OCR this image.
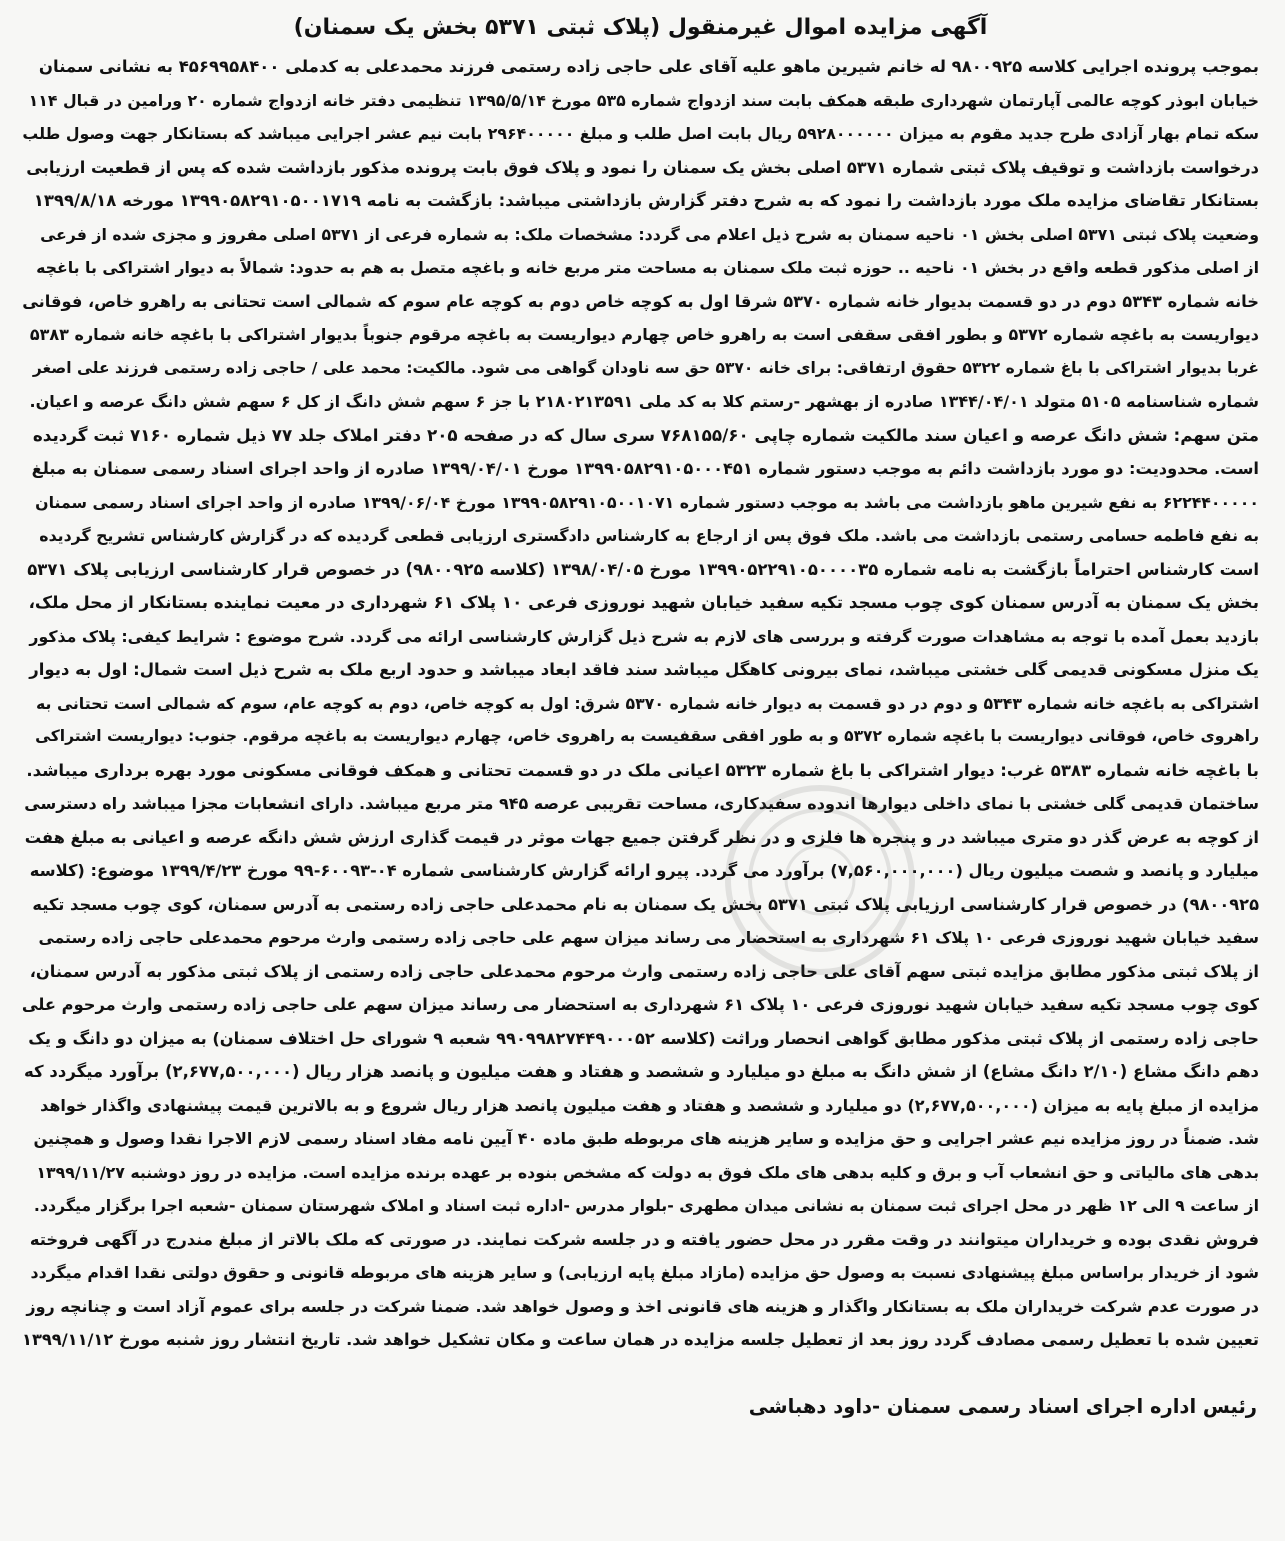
آگهی مزایده اموال غیرمنقول (پلاک ثبتی ۵۳۷۱ بخش یک سمنان)
بموجب پرونده اجرایی کلاسه ۹۸۰۰۹۲۵ له خانم شیرین ماهو علیه آقای علی حاجی زاده رستمی فرزند محمدعلی به کدملی ۴۵۶۹۹۵۸۴۰۰ به نشانی سمنان
خیابان ابوذر کوچه عالمی آپارتمان شهرداری طبقه همکف بابت سند ازدواج شماره ۵۳۵ مورخ ۱۳۹۵/۵/۱۴ تنظیمی دفتر خانه ازدواج شماره ۲۰ ورامین در قبال ۱۱۴
سکه تمام بهار آزادی طرح جدید مقوم به میزان ۵۹۲۸۰۰۰۰۰۰ ریال بابت اصل طلب و مبلغ ۲۹۶۴۰۰۰۰۰ بابت نیم عشر اجرایی میباشد که بستانکار جهت وصول طلب
درخواست بازداشت و توقیف پلاک ثبتی شماره ۵۳۷۱ اصلی بخش یک سمنان را نمود و پلاک فوق بابت پرونده مذکور بازداشت شده که پس از قطعیت ارزیابی
بستانکار تقاضای مزایده ملک مورد بازداشت را نمود که به شرح دفتر گزارش بازداشتی میباشد: بازگشت به نامه ۱۳۹۹۰۵۸۲۹۱۰۵۰۰۱۷۱۹ مورخه ۱۳۹۹/۸/۱۸
وضعیت پلاک ثبتی ۵۳۷۱ اصلی بخش ۰۱ ناحیه سمنان به شرح ذیل اعلام می گردد: مشخصات ملک: به شماره فرعی از ۵۳۷۱ اصلی مفروز و مجزی شده از فرعی
از اصلی مذکور قطعه واقع در بخش ۰۱ ناحیه .. حوزه ثبت ملک سمنان به مساحت متر مربع خانه و باغچه متصل به هم به حدود: شمالاً به دیوار اشتراکی با باغچه
خانه شماره ۵۳۴۳ دوم در دو قسمت بدیوار خانه شماره ۵۳۷۰ شرقا اول به کوچه خاص دوم به کوچه عام سوم که شمالی است تحتانی به راهرو خاص، فوقانی
دیواریست به باغچه شماره ۵۳۷۲ و بطور افقی سقفی است به راهرو خاص چهارم دیواریست به باغچه مرقوم جنوباً بدیوار اشتراکی با باغچه خانه شماره ۵۳۸۳
غربا بدیوار اشتراکی با باغ شماره ۵۳۲۲ حقوق ارتفاقی: برای خانه ۵۳۷۰ حق سه ناودان گواهی می شود. مالکیت: محمد علی / حاجی زاده رستمی فرزند علی اصغر
شماره شناسنامه ۵۱۰۵ متولد ۱۳۴۴/۰۴/۰۱ صادره از بهشهر -رستم کلا به کد ملی ۲۱۸۰۲۱۳۵۹۱ با جز ۶ سهم شش دانگ از کل ۶ سهم شش دانگ عرصه و اعیان.
متن سهم: شش دانگ عرصه و اعیان سند مالکیت شماره چاپی ۷۶۸۱۵۵/۶۰ سری سال که در صفحه ۲۰۵ دفتر املاک جلد ۷۷ ذیل شماره ۷۱۶۰ ثبت گردیده
است. محدودیت: دو مورد بازداشت دائم به موجب دستور شماره ۱۳۹۹۰۵۸۲۹۱۰۵۰۰۰۴۵۱ مورخ ۱۳۹۹/۰۴/۰۱ صادره از واحد اجرای اسناد رسمی سمنان به مبلغ
۶۲۲۴۴۰۰۰۰۰ به نفع شیرین ماهو بازداشت می باشد به موجب دستور شماره ۱۳۹۹۰۵۸۲۹۱۰۵۰۰۱۰۷۱ مورخ ۱۳۹۹/۰۶/۰۴ صادره از واحد اجرای اسناد رسمی سمنان
به نفع فاطمه حسامی رستمی بازداشت می باشد. ملک فوق پس از ارجاع به کارشناس دادگستری ارزیابی قطعی گردیده که در گزارش کارشناس تشریح گردیده
است کارشناس احتراماً بازگشت به نامه شماره ۱۳۹۹۰۵۲۲۹۱۰۵۰۰۰۰۳۵ مورخ ۱۳۹۸/۰۴/۰۵ (کلاسه ۹۸۰۰۹۲۵) در خصوص قرار کارشناسی ارزیابی پلاک ۵۳۷۱
بخش یک سمنان به آدرس سمنان کوی چوب مسجد تکیه سفید خیابان شهید نوروزی فرعی ۱۰ پلاک ۶۱ شهرداری در معیت نماینده بستانکار از محل ملک،
بازدید بعمل آمده با توجه به مشاهدات صورت گرفته و بررسی های لازم به شرح ذیل گزارش کارشناسی ارائه می گردد. شرح موضوع : شرایط کیفی: پلاک مذکور
یک منزل مسکونی قدیمی گلی خشتی میباشد، نمای بیرونی کاهگل میباشد سند فاقد ابعاد میباشد و حدود اربع ملک به شرح ذیل است شمال: اول به دیوار
اشتراکی به باغچه خانه شماره ۵۳۴۳ و دوم در دو قسمت به دیوار خانه شماره ۵۳۷۰ شرق: اول به کوچه خاص، دوم به کوچه عام، سوم که شمالی است تحتانی به
راهروی خاص، فوقانی دیواریست با باغچه شماره ۵۳۷۲ و به طور افقی سقفیست به راهروی خاص، چهارم دیواریست به باغچه مرقوم. جنوب: دیواریست اشتراکی
با باغچه خانه شماره ۵۳۸۳ غرب: دیوار اشتراکی با باغ شماره ۵۳۲۳ اعیانی ملک در دو قسمت تحتانی و همکف فوقانی مسکونی مورد بهره برداری میباشد.
ساختمان قدیمی گلی خشتی با نمای داخلی دیوارها اندوده سفیدکاری، مساحت تقریبی عرصه ۹۴۵ متر مربع میباشد. دارای انشعابات مجزا میباشد راه دسترسی
از کوچه به عرض گذر دو متری میباشد در و پنجره ها فلزی و در نظر گرفتن جمیع جهات موثر در قیمت گذاری ارزش شش دانگه عرصه و اعیانی به مبلغ هفت
میلیارد و پانصد و شصت میلیون ریال (۷,۵۶۰,۰۰۰,۰۰۰) برآورد می گردد. پیرو ارائه گزارش کارشناسی شماره ۰۴-۶۰۰۹۳-۹۹ مورخ ۱۳۹۹/۴/۲۳ موضوع: (کلاسه
۹۸۰۰۹۲۵) در خصوص قرار کارشناسی ارزیابی پلاک ثبتی ۵۳۷۱ بخش یک سمنان به نام محمدعلی حاجی زاده رستمی به آدرس سمنان، کوی چوب مسجد تکیه
سفید خیابان شهید نوروزی فرعی ۱۰ پلاک ۶۱ شهرداری به استحضار می رساند میزان سهم علی حاجی زاده رستمی وارث مرحوم محمدعلی حاجی زاده رستمی
از پلاک ثبتی مذکور مطابق مزایده ثبتی سهم آقای علی حاجی زاده رستمی وارث مرحوم محمدعلی حاجی زاده رستمی از پلاک ثبتی مذکور به آدرس سمنان،
کوی چوب مسجد تکیه سفید خیابان شهید نوروزی فرعی ۱۰ پلاک ۶۱ شهرداری به استحضار می رساند میزان سهم علی حاجی زاده رستمی وارث مرحوم علی
حاجی زاده رستمی از پلاک ثبتی مذکور مطابق گواهی انحصار وراثت (کلاسه ۹۹۰۹۹۸۲۷۴۴۹۰۰۰۵۲ شعبه ۹ شورای حل اختلاف سمنان) به میزان دو دانگ و یک
دهم دانگ مشاع (۲/۱۰ دانگ مشاع) از شش دانگ به مبلغ دو میلیارد و ششصد و هفتاد و هفت میلیون و پانصد هزار ریال (۲,۶۷۷,۵۰۰,۰۰۰) برآورد میگردد که
مزایده از مبلغ پایه به میزان (۲,۶۷۷,۵۰۰,۰۰۰) دو میلیارد و ششصد و هفتاد و هفت میلیون پانصد هزار ریال شروع و به بالاترین قیمت پیشنهادی واگذار خواهد
شد. ضمناً در روز مزایده نیم عشر اجرایی و حق مزایده و سایر هزینه های مربوطه طبق ماده ۴۰ آیین نامه مفاد اسناد رسمی لازم الاجرا نقدا وصول و همچنین
بدهی های مالیاتی و حق انشعاب آب و برق و کلیه بدهی های ملک فوق به دولت که مشخص بنوده بر عهده برنده مزایده است. مزایده در روز دوشنبه ۱۳۹۹/۱۱/۲۷
از ساعت ۹ الی ۱۲ ظهر در محل اجرای ثبت سمنان به نشانی میدان مطهری -بلوار مدرس -اداره ثبت اسناد و املاک شهرستان سمنان -شعبه اجرا برگزار میگردد.
فروش نقدی بوده و خریداران میتوانند در وقت مقرر در محل حضور یافته و در جلسه شرکت نمایند. در صورتی که ملک بالاتر از مبلغ مندرج در آگهی فروخته
شود از خریدار براساس مبلغ پیشنهادی نسبت به وصول حق مزایده (مازاد مبلغ پایه ارزیابی) و سایر هزینه های مربوطه قانونی و حقوق دولتی نقدا اقدام میگردد
در صورت عدم شرکت خریداران ملک به بستانکار واگذار و هزینه های قانونی اخذ و وصول خواهد شد. ضمنا شرکت در جلسه برای عموم آزاد است و چنانچه روز
تعیین شده با تعطیل رسمی مصادف گردد روز بعد از تعطیل جلسه مزایده در همان ساعت و مکان تشکیل خواهد شد. تاریخ انتشار روز شنبه مورخ ۱۳۹۹/۱۱/۱۲
رئیس اداره اجرای اسناد رسمی سمنان -داود دهباشی
